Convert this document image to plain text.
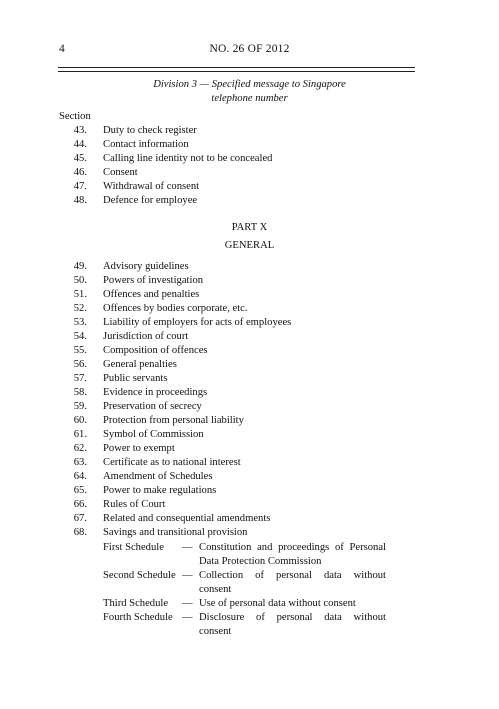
4	NO. 26 OF 2012
Division 3 — Specified message to Singapore
telephone number
Section
43. Duty to check register
44. Contact information
45. Calling line identity not to be concealed
46. Consent
47. Withdrawal of consent
48. Defence for employee
PART X
GENERAL
49. Advisory guidelines
50. Powers of investigation
51. Offences and penalties
52. Offences by bodies corporate, etc.
53. Liability of employers for acts of employees
54. Jurisdiction of court
55. Composition of offences
56. General penalties
57. Public servants
58. Evidence in proceedings
59. Preservation of secrecy
60. Protection from personal liability
61. Symbol of Commission
62. Power to exempt
63. Certificate as to national interest
64. Amendment of Schedules
65. Power to make regulations
66. Rules of Court
67. Related and consequential amendments
68. Savings and transitional provision
First Schedule — Constitution and proceedings of Personal
Data Protection Commission
Second Schedule — Collection of personal data without
consent
Third Schedule — Use of personal data without consent
Fourth Schedule — Disclosure of personal data without
consent
